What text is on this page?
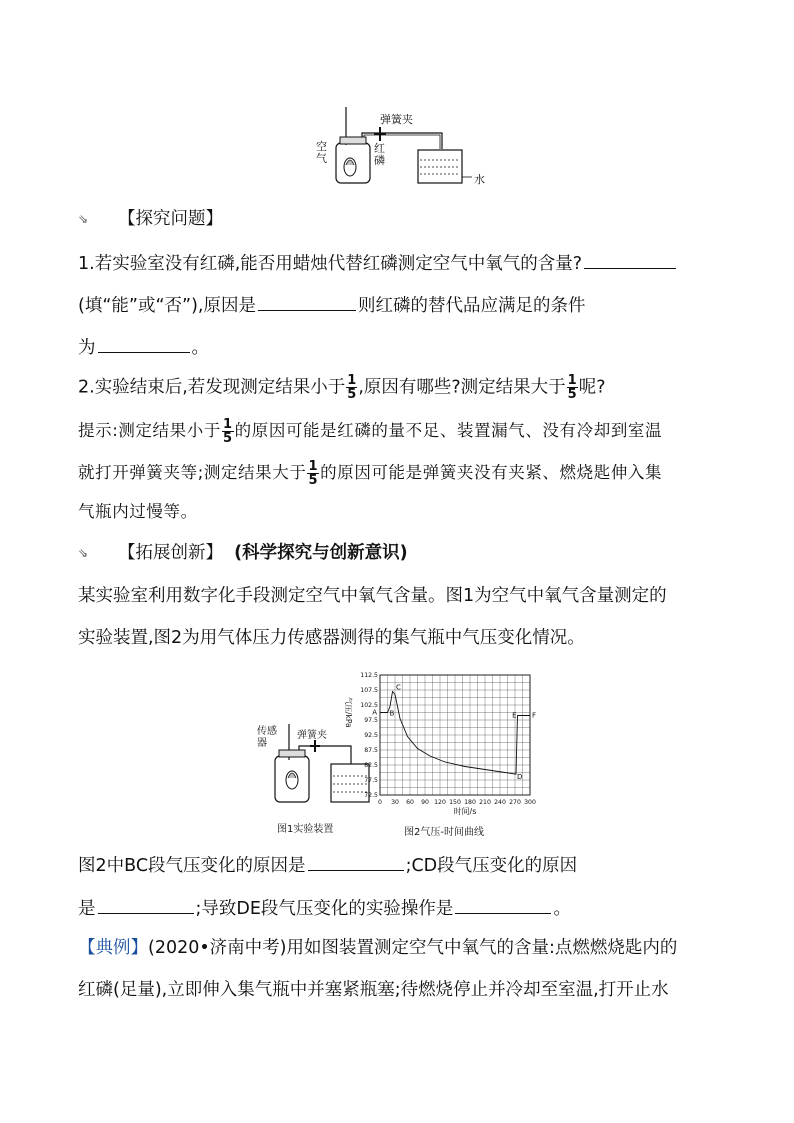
弹簧夹
空气
红磷
水
⇘ 【探究问题】
1.若实验室没有红磷,能否用蜡烛代替红磷测定空气中氧气的含量?
(填“能”或“否”),原因是	则红磷的替代品应满足的条件
为	。
2.实验结束后,若发现测定结果小于 $\frac{1}{5}$ ,原因有哪些?测定结果大于 $\frac{1}{5}$ 呢?
提示:测定结果小于 $\frac{1}{5}$ 的原因可能是红磷的量不足、装置漏气、没有冷却到室温
就打开弹簧夹等;测定结果大于 $\frac{1}{5}$ 的原因可能是弹簧夹没有夹紧、燃烧匙伸入集
气瓶内过慢等。
⇘ 【拓展创新】 (科学探究与创新意识)
某实验室利用数字化手段测定空气中氧气含量。图1为空气中氧气含量测定的
实验装置,图2为用气体压力传感器测得的集气瓶中气压变化情况。
传感器
弹簧夹
图1实验装置
0 30 60 90 120 150 180 210 240 270 300
72.5
77.5
82.5
87.5
92.5
97.5
102.5
107.5
112.5
时间/s
气压/kPa	A B
C
D
E F
图2气压-时间曲线
图2中BC段气压变化的原因是	;CD段气压变化的原因
是	;导致DE段气压变化的实验操作是	。
【典例】(2020•济南中考)用如图装置测定空气中氧气的含量:点燃燃烧匙内的
红磷(足量),立即伸入集气瓶中并塞紧瓶塞;待燃烧停止并冷却至室温,打开止水
